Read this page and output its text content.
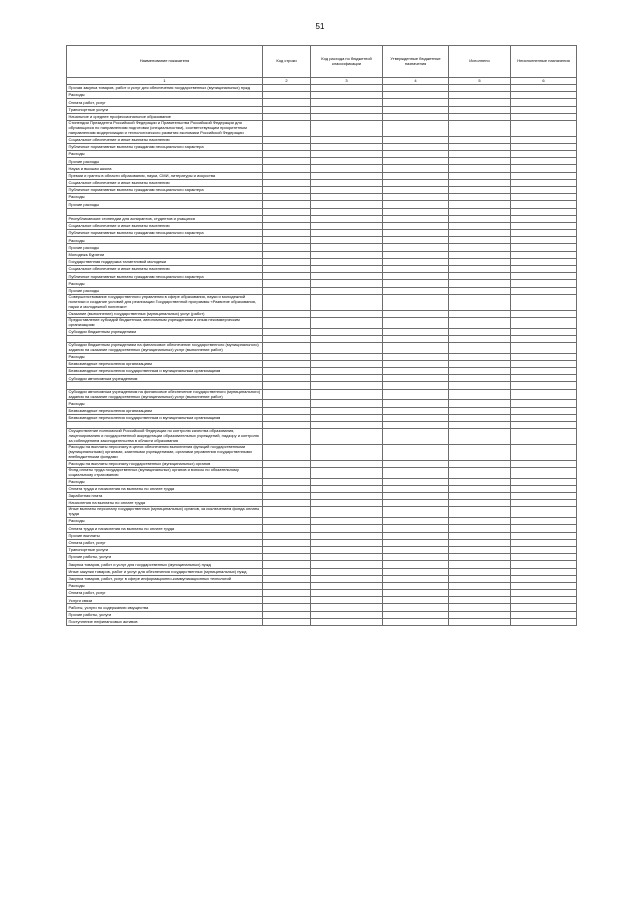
51
Наименование показателя	Код строки	Код расхода по бюджетной классификации	Утвержденные бюджетные назначения	Исполнено	Неисполненные назначения
1	2	3	4	5	6
Прочая закупка товаров, работ и услуг для обеспечения государственных (муниципальных) нужд					
Расходы					
Оплата работ, услуг					
Транспортные услуги					
Начальное и среднее профессиональное образование					
Стипендии Президента Российской Федерации и Правительства Российской Федерации для обучающихся по направлениям подготовки (специальностям), соответствующим приоритетным направлениям модернизации и технологического развития экономики Российской Федерации					
Социальное обеспечение и иные выплаты населению					
Публичные нормативные выплаты гражданам несоциального характера					
Расходы					
Прочие расходы					
Наука и высшая школа					
Премии и гранты в области образования, науки, СМИ, литературы и искусства					
Социальное обеспечение и иные выплаты населению					
Публичные нормативные выплаты гражданам несоциального характера					
Расходы					
Прочие расходы					

Республиканские стипендии для аспирантов, студентов и учащихся					
Социальное обеспечение и иные выплаты населению					
Публичные нормативные выплаты гражданам несоциального характера					
Расходы					
Прочие расходы					
Молодежь Бурятии					
Государственная поддержка талантливой молодежи					
Социальное обеспечение и иные выплаты населению					
Публичные нормативные выплаты гражданам несоциального характера					
Расходы					
Прочие расходы					
Совершенствование государственного управления в сфере образования, науки и молодежной политики и создание условий для реализации Государственной программы «Развитие образования, науки и молодежной политики»					
Оказание (выполнение) государственных (муниципальных) услуг (работ)					
Предоставление субсидий бюджетным, автономным учреждениям и иным некоммерческим организациям					
Субсидии бюджетным учреждениям					

Субсидии бюджетным учреждениям на финансовое обеспечение государственного (муниципального) задания на оказание государственных (муниципальных) услуг (выполнение работ)					
Расходы					
Безвозмездные перечисления организациям					
Безвозмездные перечисления государственным и муниципальным организациям					
Субсидии автономным учреждениям					

Субсидии автономным учреждениям на финансовое обеспечение государственного (муниципального) задания на оказание государственных (муниципальных) услуг (выполнение работ)					
Расходы					
Безвозмездные перечисления организациям					
Безвозмездные перечисления государственным и муниципальным организациям					

Осуществление полномочий Российской Федерации по контролю качества образования, лицензированию и государственной аккредитации образовательных учреждений, надзору и контролю за соблюдением законодательства в области образования					
Расходы на выплаты персоналу в целях обеспечения выполнения функций государственными (муниципальными) органами, казенными учреждениями, органами управления государственными внебюджетными фондами					
Расходы на выплаты персоналу государственных (муниципальных) органов					
Фонд оплаты труда государственных (муниципальных) органов и взносы по обязательному социальному страхованию					
Расходы					
Оплата труда и начисления на выплаты по оплате труда					
Заработная плата					
Начисления на выплаты по оплате труда					
Иные выплаты персоналу государственных (муниципальных) органов, за исключением фонда оплаты труда					
Расходы					
Оплата труда и начисления на выплаты по оплате труда					
Прочие выплаты					
Оплата работ, услуг					
Транспортные услуги					
Прочие работы, услуги					
Закупка товаров, работ и услуг для государственных (муниципальных) нужд					
Иные закупки товаров, работ и услуг для обеспечения государственных (муниципальных) нужд					
Закупка товаров, работ, услуг в сфере информационно-коммуникационных технологий					
Расходы					
Оплата работ, услуг					
Услуги связи					
Работы, услуги по содержанию имущества					
Прочие работы, услуги					
Поступление нефинансовых активов					
